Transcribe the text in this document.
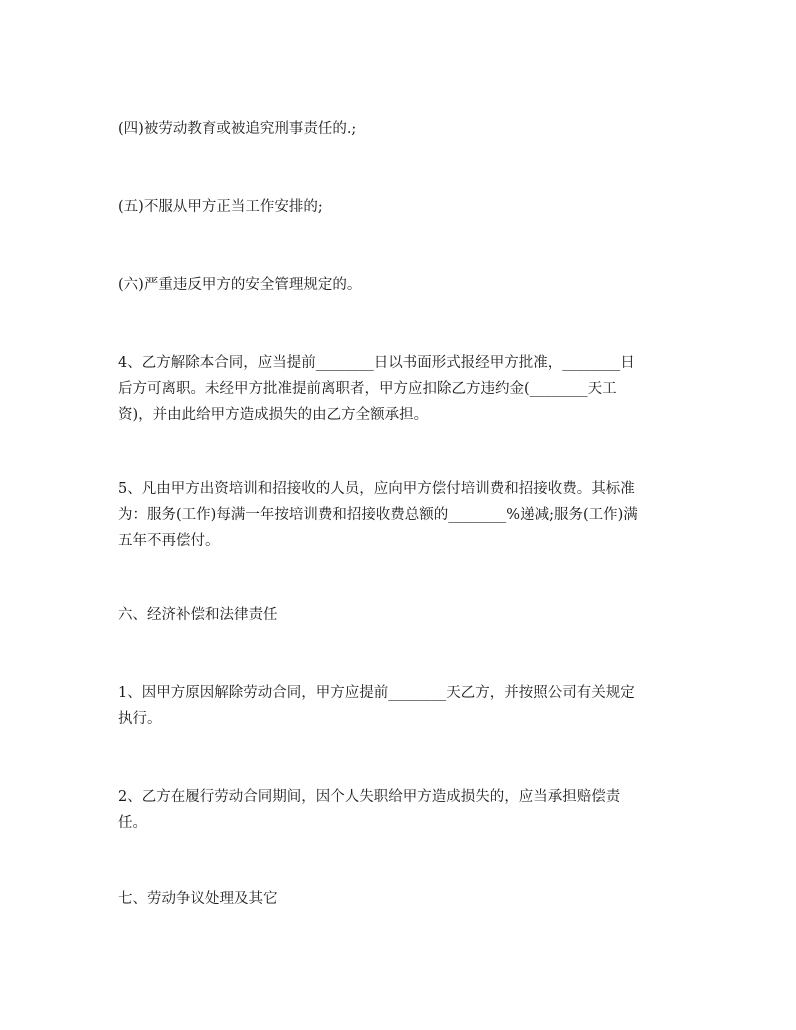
(四)被劳动教育或被追究刑事责任的.;

(五)不服从甲方正当工作安排的;

(六)严重违反甲方的安全管理规定的。

4、乙方解除本合同，应当提前________日以书面形式报经甲方批准，________日
后方可离职。未经甲方批准提前离职者，甲方应扣除乙方违约金(________天工
资)，并由此给甲方造成损失的由乙方全额承担。

5、凡由甲方出资培训和招接收的人员，应向甲方偿付培训费和招接收费。其标准
为：服务(工作)每满一年按培训费和招接收费总额的________%递减;服务(工作)满
五年不再偿付。

六、经济补偿和法律责任

1、因甲方原因解除劳动合同，甲方应提前________天乙方，并按照公司有关规定
执行。

2、乙方在履行劳动合同期间，因个人失职给甲方造成损失的，应当承担赔偿责
任。

七、劳动争议处理及其它
